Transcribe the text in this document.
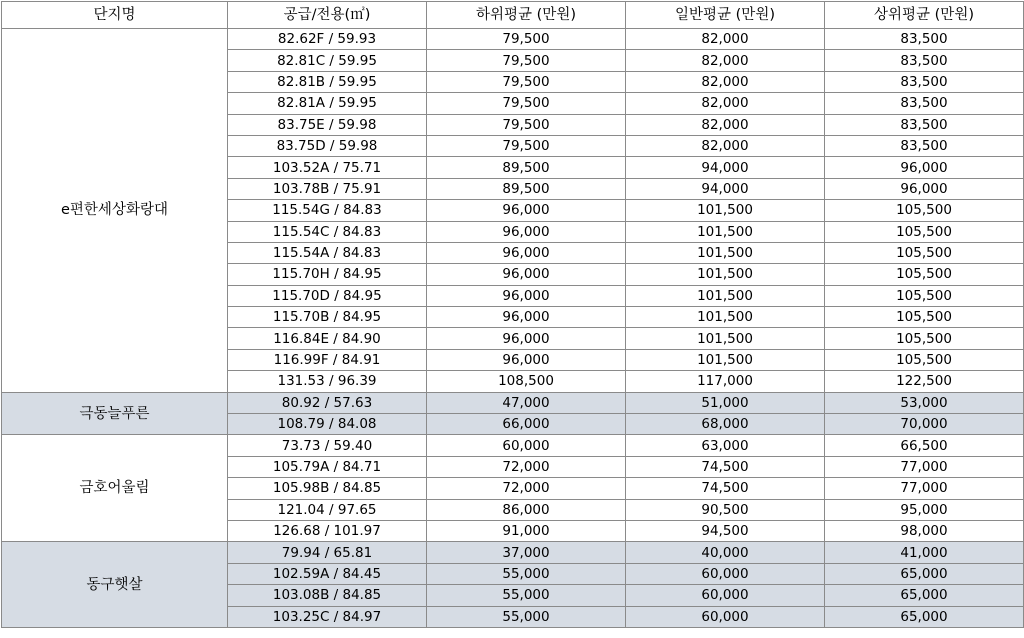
단지명	공급/전용(㎡)	하위평균 (만원)	일반평균 (만원)	상위평균 (만원)
e편한세상화랑대	82.62F / 59.93	79,500	82,000	83,500
	82.81C / 59.95	79,500	82,000	83,500
	82.81B / 59.95	79,500	82,000	83,500
	82.81A / 59.95	79,500	82,000	83,500
	83.75E / 59.98	79,500	82,000	83,500
	83.75D / 59.98	79,500	82,000	83,500
	103.52A / 75.71	89,500	94,000	96,000
	103.78B / 75.91	89,500	94,000	96,000
	115.54G / 84.83	96,000	101,500	105,500
	115.54C / 84.83	96,000	101,500	105,500
	115.54A / 84.83	96,000	101,500	105,500
	115.70H / 84.95	96,000	101,500	105,500
	115.70D / 84.95	96,000	101,500	105,500
	115.70B / 84.95	96,000	101,500	105,500
	116.84E / 84.90	96,000	101,500	105,500
	116.99F / 84.91	96,000	101,500	105,500
	131.53 / 96.39	108,500	117,000	122,500
극동늘푸른	80.92 / 57.63	47,000	51,000	53,000
	108.79 / 84.08	66,000	68,000	70,000
금호어울림	73.73 / 59.40	60,000	63,000	66,500
	105.79A / 84.71	72,000	74,500	77,000
	105.98B / 84.85	72,000	74,500	77,000
	121.04 / 97.65	86,000	90,500	95,000
	126.68 / 101.97	91,000	94,500	98,000
동구햇살	79.94 / 65.81	37,000	40,000	41,000
	102.59A / 84.45	55,000	60,000	65,000
	103.08B / 84.85	55,000	60,000	65,000
	103.25C / 84.97	55,000	60,000	65,000
